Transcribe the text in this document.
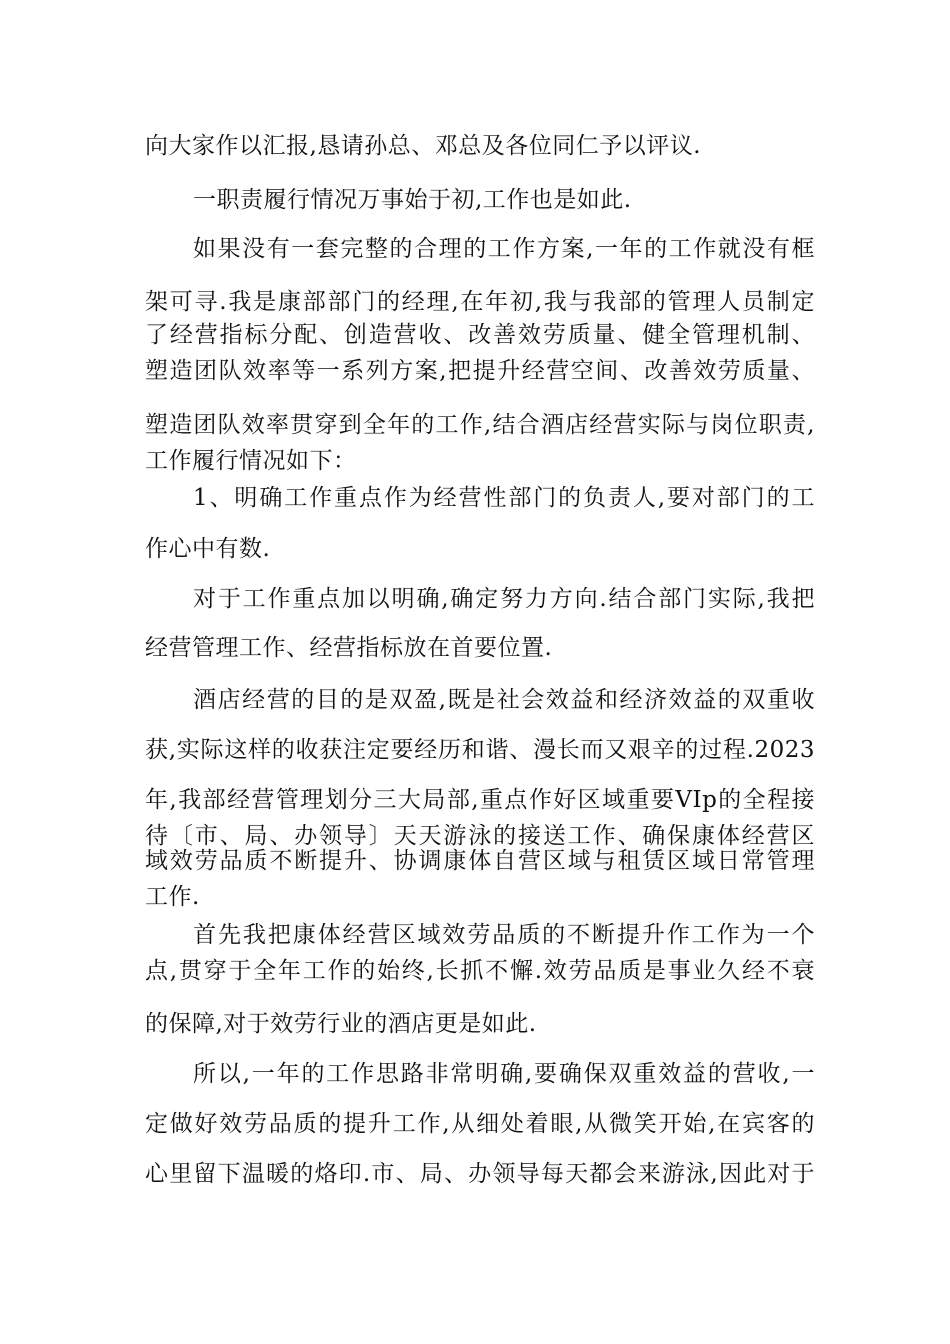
向大家作以汇报,恳请孙总、邓总及各位同仁予以评议.
一职责履行情况万事始于初,工作也是如此.
如果没有一套完整的合理的工作方案,一年的工作就没有框
架可寻.我是康部部门的经理,在年初,我与我部的管理人员制定
了经营指标分配、创造营收、改善效劳质量、健全管理机制、
塑造团队效率等一系列方案,把提升经营空间、改善效劳质量、
塑造团队效率贯穿到全年的工作,结合酒店经营实际与岗位职责,
工作履行情况如下：
1、明确工作重点作为经营性部门的负责人,要对部门的工
作心中有数.
对于工作重点加以明确,确定努力方向.结合部门实际,我把
经营管理工作、经营指标放在首要位置.
酒店经营的目的是双盈,既是社会效益和经济效益的双重收
获,实际这样的收获注定要经历和谐、漫长而又艰辛的过程.2023
年,我部经营管理划分三大局部,重点作好区域重要VIp的全程接
待〔市、局、办领导〕天天游泳的接送工作、确保康体经营区
域效劳品质不断提升、协调康体自营区域与租赁区域日常管理
工作.
首先我把康体经营区域效劳品质的不断提升作工作为一个
点,贯穿于全年工作的始终,长抓不懈.效劳品质是事业久经不衰
的保障,对于效劳行业的酒店更是如此.
所以,一年的工作思路非常明确,要确保双重效益的营收,一
定做好效劳品质的提升工作,从细处着眼,从微笑开始,在宾客的
心里留下温暖的烙印.市、局、办领导每天都会来游泳,因此对于
